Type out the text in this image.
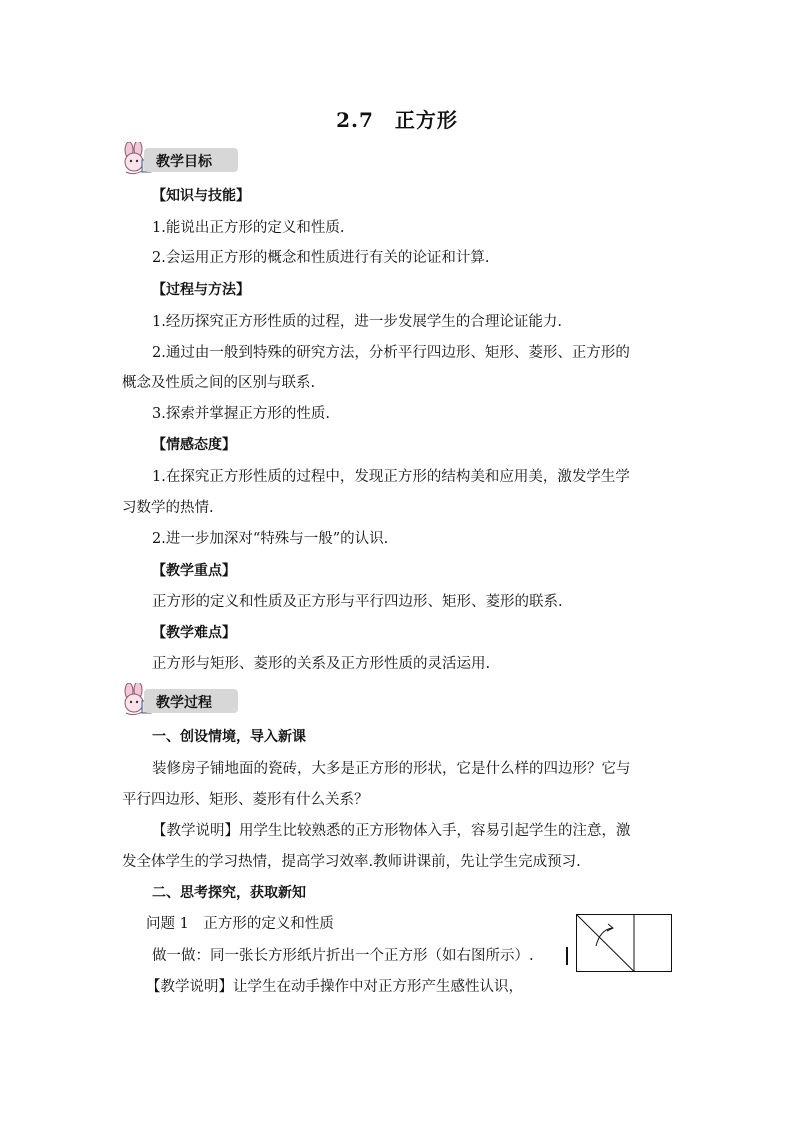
2.7　正方形
教学目标
【知识与技能】
1.能说出正方形的定义和性质.
2.会运用正方形的概念和性质进行有关的论证和计算.
【过程与方法】
1.经历探究正方形性质的过程，进一步发展学生的合理论证能力.
2.通过由一般到特殊的研究方法，分析平行四边形、矩形、菱形、正方形的
概念及性质之间的区别与联系.
3.探索并掌握正方形的性质.
【情感态度】
1.在探究正方形性质的过程中，发现正方形的结构美和应用美，激发学生学
习数学的热情.
2.进一步加深对“特殊与一般”的认识.
【教学重点】
正方形的定义和性质及正方形与平行四边形、矩形、菱形的联系.
【教学难点】
正方形与矩形、菱形的关系及正方形性质的灵活运用.
教学过程
一、创设情境，导入新课
装修房子铺地面的瓷砖，大多是正方形的形状，它是什么样的四边形？它与
平行四边形、矩形、菱形有什么关系？
【教学说明】用学生比较熟悉的正方形物体入手，容易引起学生的注意，激
发全体学生的学习热情，提高学习效率.教师讲课前，先让学生完成预习.
二、思考探究，获取新知
问题 1　正方形的定义和性质
做一做：同一张长方形纸片折出一个正方形（如右图所示）.
【教学说明】让学生在动手操作中对正方形产生感性认识，
